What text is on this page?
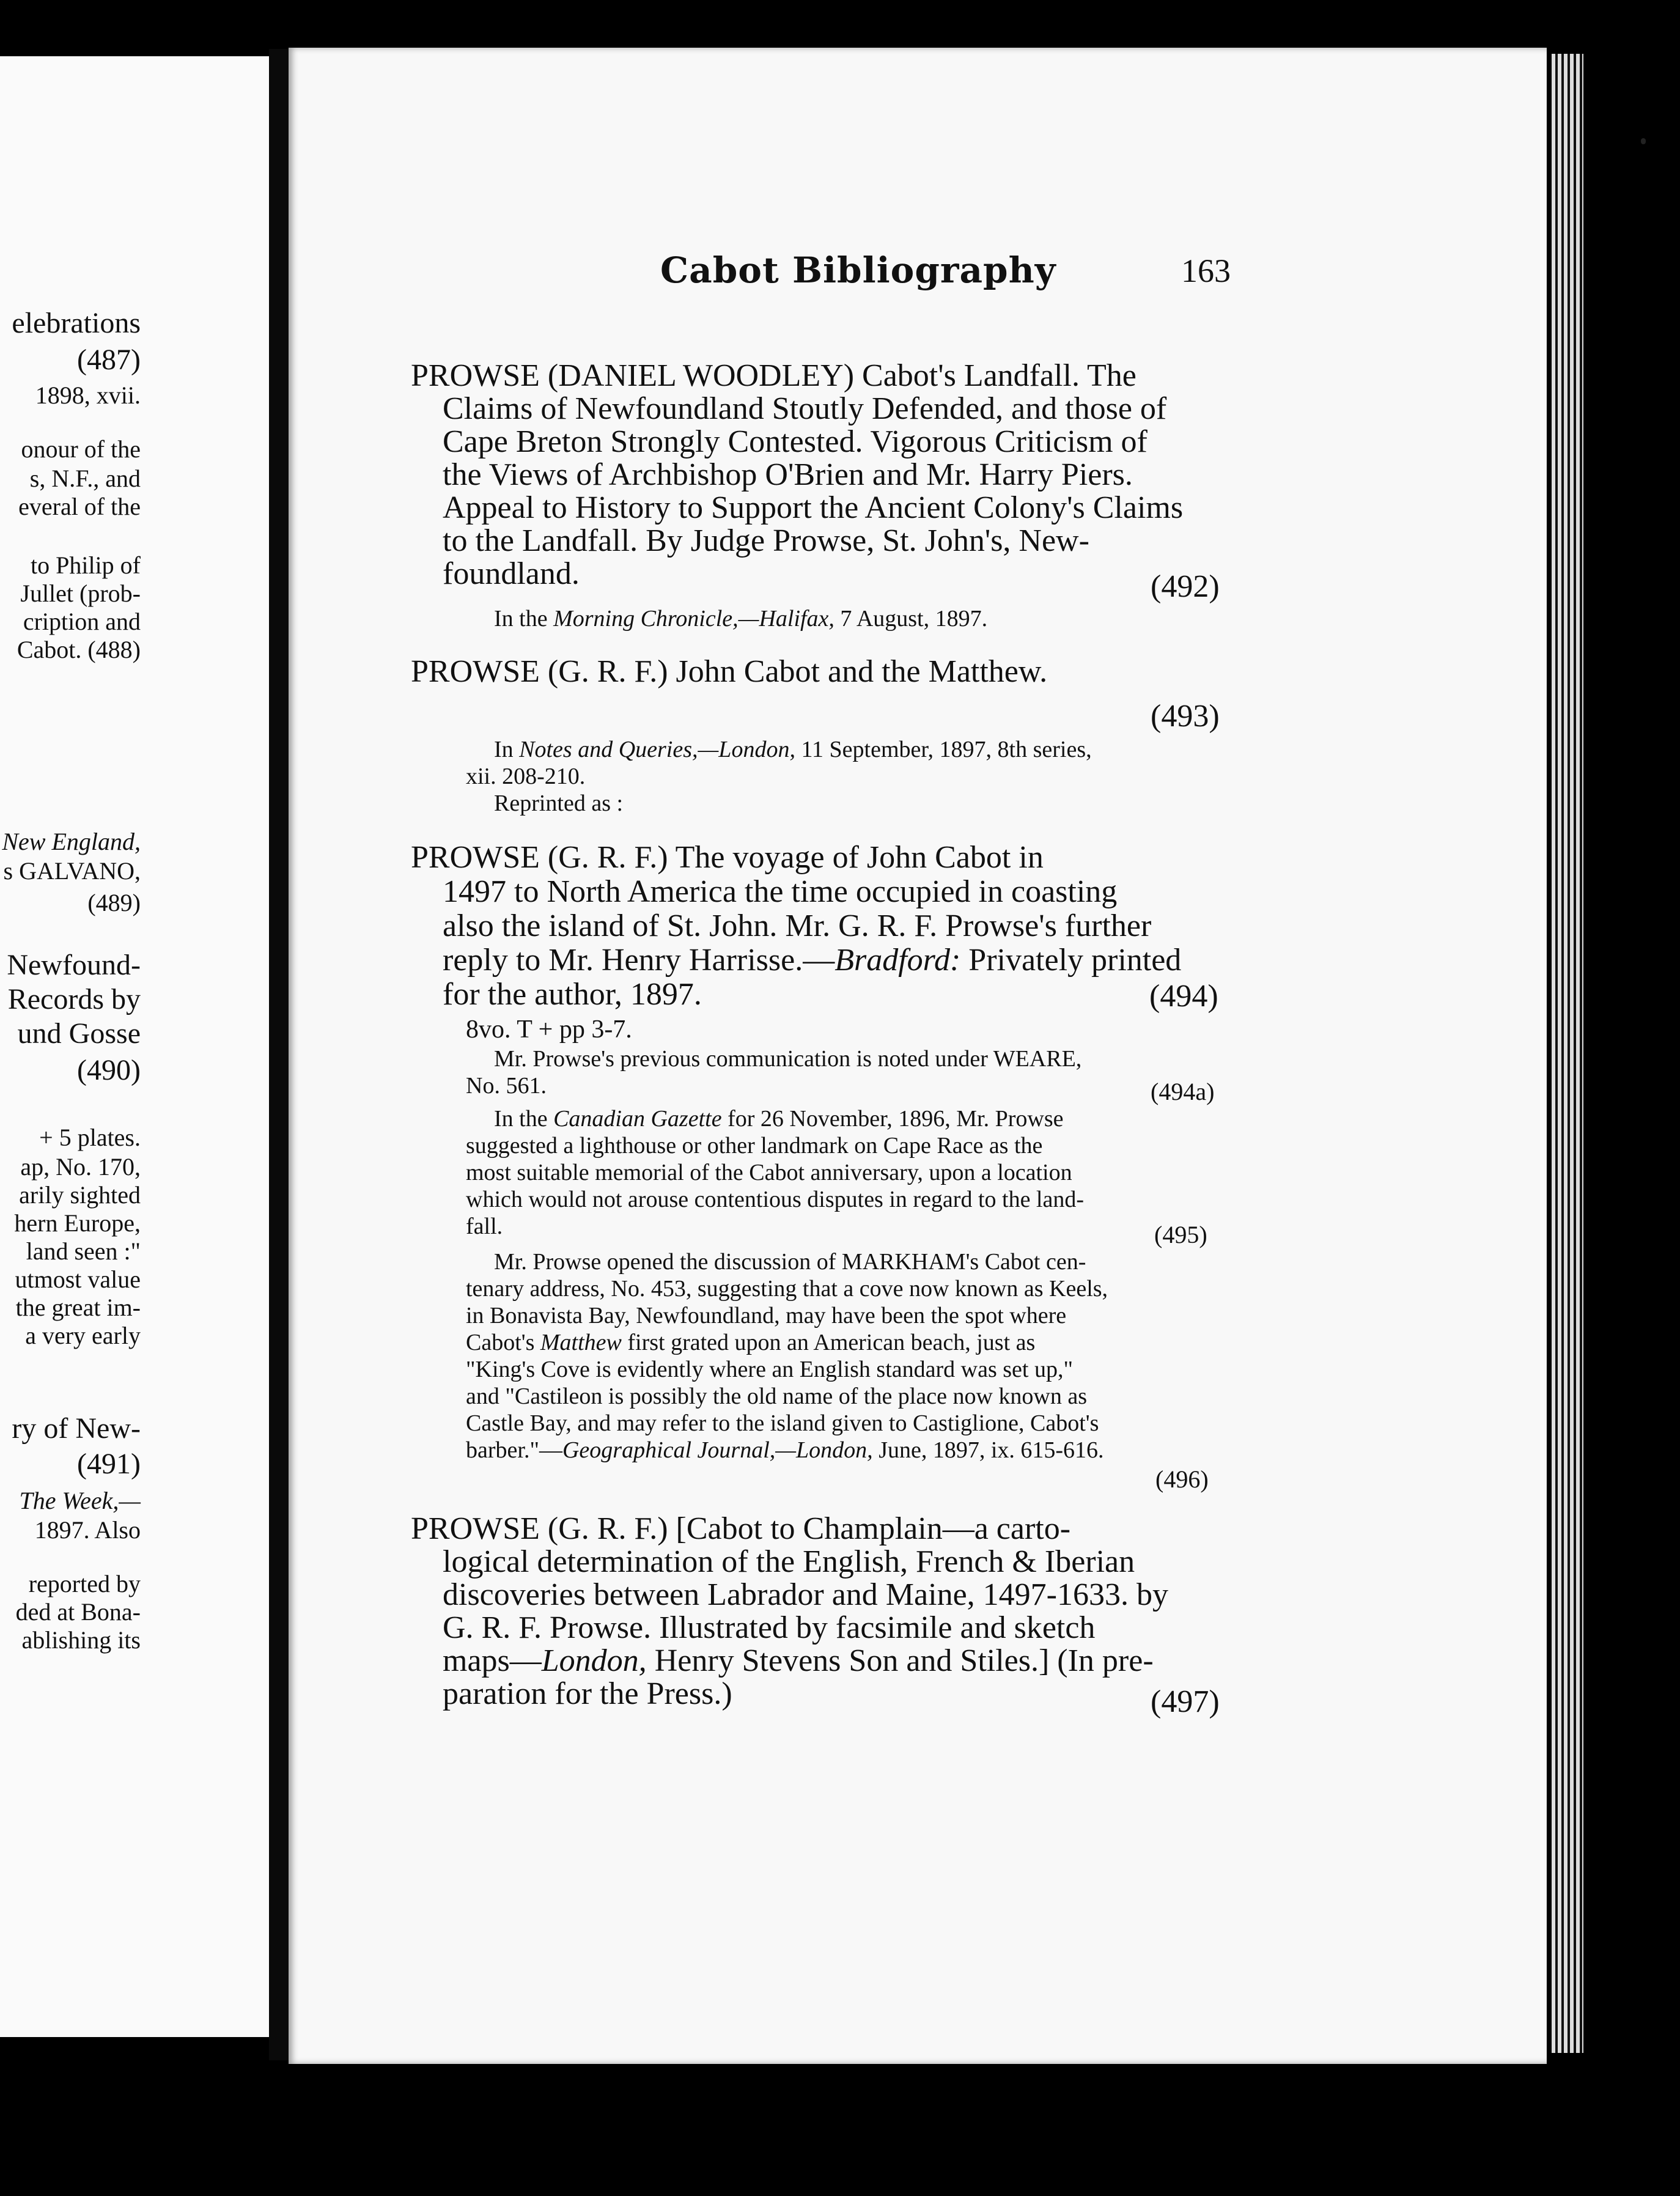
elebrations
(487)
1898, xvii.
onour of the
s, N.F., and
everal of the
to Philip of
Jullet (prob-
cription and
Cabot. (488)
New England,
s GALVANO,
(489)
Newfound-
Records by
und Gosse
(490)
+ 5 plates.
ap, No. 170,
arily sighted
hern Europe,
land seen :"
utmost value
the great im-
a very early
ry of New-
(491)
The Week,—
1897. Also
reported by
ded at Bona-
ablishing its
Cabot Bibliography	163
PROWSE (DANIEL WOODLEY) Cabot's Landfall. The
Claims of Newfoundland Stoutly Defended, and those of
Cape Breton Strongly Contested. Vigorous Criticism of
the Views of Archbishop O'Brien and Mr. Harry Piers.
Appeal to History to Support the Ancient Colony's Claims
to the Landfall. By Judge Prowse, St. John's, New-
foundland.	(492)
In the Morning Chronicle,—Halifax, 7 August, 1897.
PROWSE (G. R. F.) John Cabot and the Matthew.
(493)
In Notes and Queries,—London, 11 September, 1897, 8th series,
xii. 208-210.
Reprinted as :
PROWSE (G. R. F.) The voyage of John Cabot in
1497 to North America the time occupied in coasting
also the island of St. John. Mr. G. R. F. Prowse's further
reply to Mr. Henry Harrisse.—Bradford: Privately printed
for the author, 1897.	(494)
8vo. T + pp 3-7.
Mr. Prowse's previous communication is noted under WEARE,
No. 561.	(494a)
In the Canadian Gazette for 26 November, 1896, Mr. Prowse
suggested a lighthouse or other landmark on Cape Race as the
most suitable memorial of the Cabot anniversary, upon a location
which would not arouse contentious disputes in regard to the land-
fall.	(495)
Mr. Prowse opened the discussion of MARKHAM's Cabot cen-
tenary address, No. 453, suggesting that a cove now known as Keels,
in Bonavista Bay, Newfoundland, may have been the spot where
Cabot's Matthew first grated upon an American beach, just as
"King's Cove is evidently where an English standard was set up,"
and "Castileon is possibly the old name of the place now known as
Castle Bay, and may refer to the island given to Castiglione, Cabot's
barber."—Geographical Journal,—London, June, 1897, ix. 615-616.
(496)
PROWSE (G. R. F.) [Cabot to Champlain—a carto-
logical determination of the English, French & Iberian
discoveries between Labrador and Maine, 1497-1633. by
G. R. F. Prowse. Illustrated by facsimile and sketch
maps—London, Henry Stevens Son and Stiles.] (In pre-
paration for the Press.)	(497)
